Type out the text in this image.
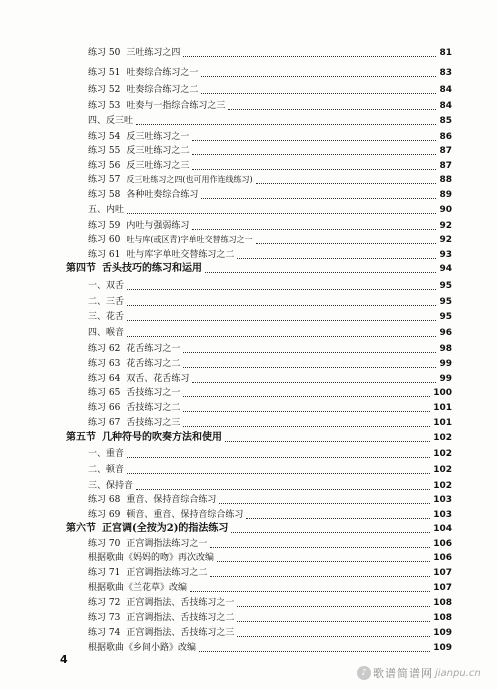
练习 50 三吐练习之四	81
练习 51 吐奏综合练习之一	83
练习 52 吐奏综合练习之二	84
练习 53 吐奏与一指综合练习之三	84
四、反三吐	85
练习 54 反三吐练习之一	86
练习 55 反三吐练习之二	87
练习 56 反三吐练习之三	87
练习 57 反三吐练习之四(也可用作连线练习)	88
练习 58 各种吐奏综合练习	89
五、内吐	90
练习 59 内吐与强弱练习	92
练习 60 吐与库(或区青)字单吐交替练习之一	92
练习 61 吐与库字单吐交替练习之二	93
第四节 舌头技巧的练习和运用	94
一、双舌	95
二、三舌	95
三、花舌	95
四、喉音	96
练习 62 花舌练习之一	98
练习 63 花舌练习之二	99
练习 64 双舌、花舌练习	99
练习 65 舌技练习之一	100
练习 66 舌技练习之二	101
练习 67 舌技练习之三	101
第五节 几种符号的吹奏方法和使用	102
一、重音	102
二、顿音	102
三、保持音	102
练习 68 重音、保持音综合练习	103
练习 69 顿音、重音、保持音综合练习	103
第六节 正宫调(全按为2)的指法练习	104
练习 70 正宫调指法练习之一	106
根据歌曲《妈妈的吻》再次改编	106
练习 71 正宫调指法练习之二	107
根据歌曲《兰花草》改编	107
练习 72 正宫调指法、舌技练习之一	108
练习 73 正宫调指法、舌技练习之二	108
练习 74 正宫调指法、舌技练习之三	109
根据歌曲《乡间小路》改编	109
4
♪ 歌谱简谱网 jianpu.cn
